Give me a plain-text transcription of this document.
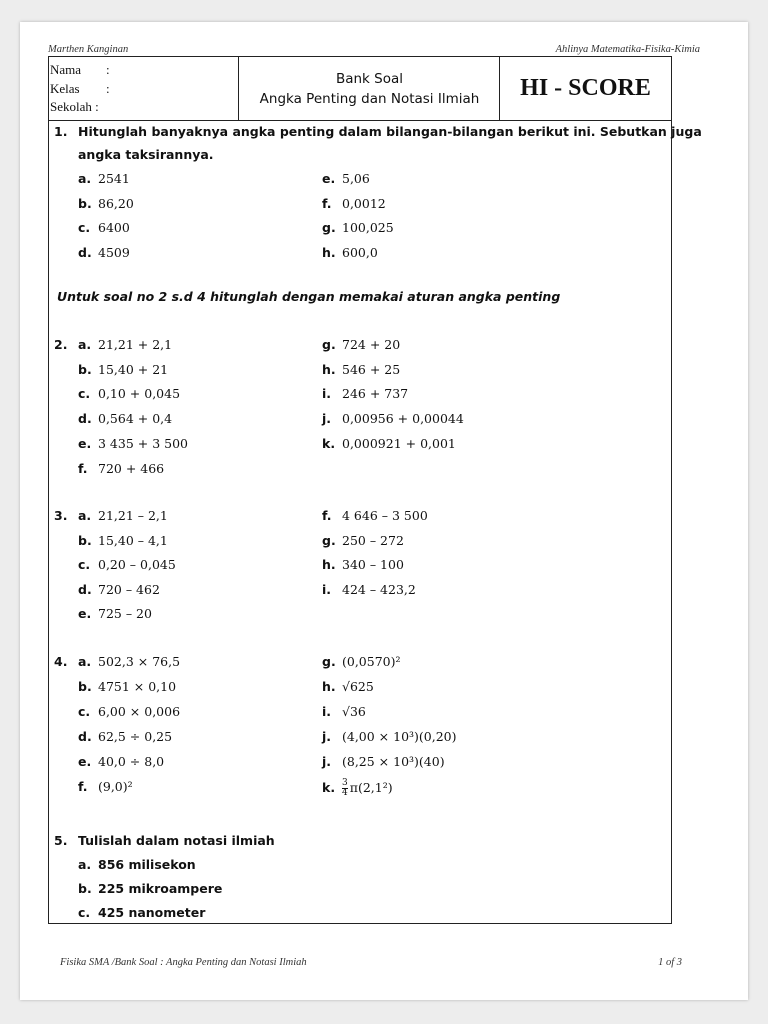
Marthen Kanginan	Ahlinya Matematika-Fisika-Kimia
Nama :
Kelas :
Sekolah :
Bank Soal
Angka Penting dan Notasi Ilmiah	HI - SCORE
1. Hitunglah banyaknya angka penting dalam bilangan-bilangan berikut ini. Sebutkan juga
angka taksirannya.
a. 2541
b. 86,20
c. 6400
d. 4509
e. 5,06
f. 0,0012
g. 100,025
h. 600,0
Untuk soal no 2 s.d 4 hitunglah dengan memakai aturan angka penting
2. a. 21,21 + 2,1
b. 15,40 + 21
c. 0,10 + 0,045
d. 0,564 + 0,4
e. 3 435 + 3 500
f. 720 + 466
g. 724 + 20
h. 546 + 25
i. 246 + 737
j. 0,00956 + 0,00044
k. 0,000921 + 0,001
3. a. 21,21 – 2,1
b. 15,40 – 4,1
c. 0,20 – 0,045
d. 720 – 462
e. 725 – 20
f. 4 646 – 3 500
g. 250 – 272
h. 340 – 100
i. 424 – 423,2
4. a. 502,3 × 76,5
b. 4751 × 0,10
c. 6,00 × 0,006
d. 62,5 ÷ 0,25
e. 40,0 ÷ 8,0
f. (9,0)²
g. (0,0570)²
h. √625
i. √36
j. (4,00 × 10³)(0,20)
j. (8,25 × 10³)(40)
k. $\frac{3}{4} \pi(2,1^2)$
5. Tulislah dalam notasi ilmiah
a. 856 milisekon
b. 225 mikroampere
c. 425 nanometer
Fisika SMA /Bank Soal : Angka Penting dan Notasi Ilmiah	1 of 3
